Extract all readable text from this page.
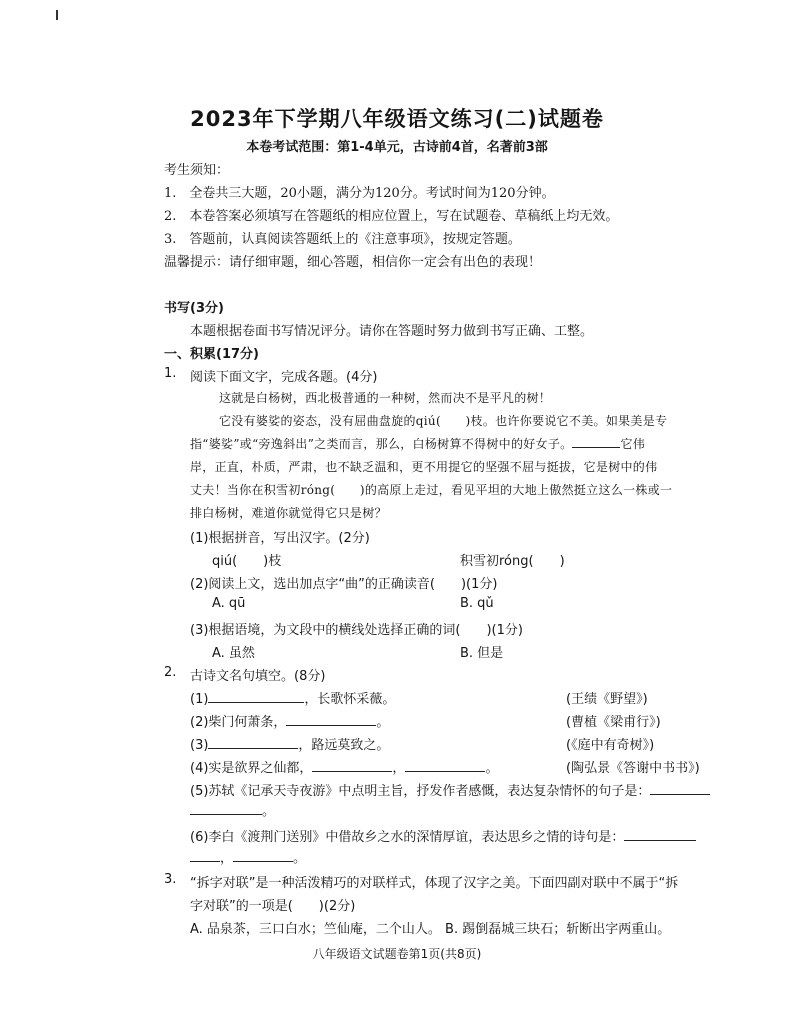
2023年下学期八年级语文练习(二)试题卷
本卷考试范围：第1-4单元，古诗前4首，名著前3部
考生须知：
1.　全卷共三大题，20小题，满分为120分。考试时间为120分钟。
2.　本卷答案必须填写在答题纸的相应位置上，写在试题卷、草稿纸上均无效。
3.　答题前，认真阅读答题纸上的《注意事项》，按规定答题。
温馨提示：请仔细审题，细心答题，相信你一定会有出色的表现！
书写(3分)
本题根据卷面书写情况评分。请你在答题时努力做到书写正确、工整。
一、积累(17分)
1. 阅读下面文字，完成各题。(4分)
这就是白杨树，西北极普通的一种树，然而决不是平凡的树！
它没有婆娑的姿态，没有屈曲盘旋的qiú(　　)枝。也许你要说它不美。如果美是专
指“婆娑”或“旁逸斜出”之类而言，那么，白杨树算不得树中的好女子。	它伟
岸，正直，朴质，严肃，也不缺乏温和，更不用提它的坚强不屈与挺拔，它是树中的伟
丈夫！当你在积雪初róng(　　)的高原上走过，看见平坦的大地上傲然挺立这么一株或一
排白杨树，难道你就觉得它只是树？
(1)根据拼音，写出汉字。(2分)
qiú(　　)枝	积雪初róng(　　)
(2)阅读上文，选出加点字“曲”的正确读音(　　)(1分)
A. qū	B. qǔ
(3)根据语境，为文段中的横线处选择正确的词(　　)(1分)
A. 虽然	B. 但是
2. 古诗文名句填空。(8分)
(1)	，长歌怀采薇。	(王绩《野望》)
(2)柴门何萧条，	。	(曹植《梁甫行》)
(3)	，路远莫致之。	(《庭中有奇树》)
(4)实是欲界之仙都，	，	。	(陶弘景《答谢中书书》)
(5)苏轼《记承天寺夜游》中点明主旨，抒发作者感慨，表达复杂情怀的句子是：
。
(6)李白《渡荆门送别》中借故乡之水的深情厚谊，表达思乡之情的诗句是：
，	。
3. “拆字对联”是一种活泼精巧的对联样式，体现了汉字之美。下面四副对联中不属于“拆
字对联”的一项是(　　)(2分)
A. 品泉茶，三口白水；竺仙庵，二个山人。 B. 踢倒磊城三块石；斩断出字两重山。
八年级语文试题卷第1页(共8页)
